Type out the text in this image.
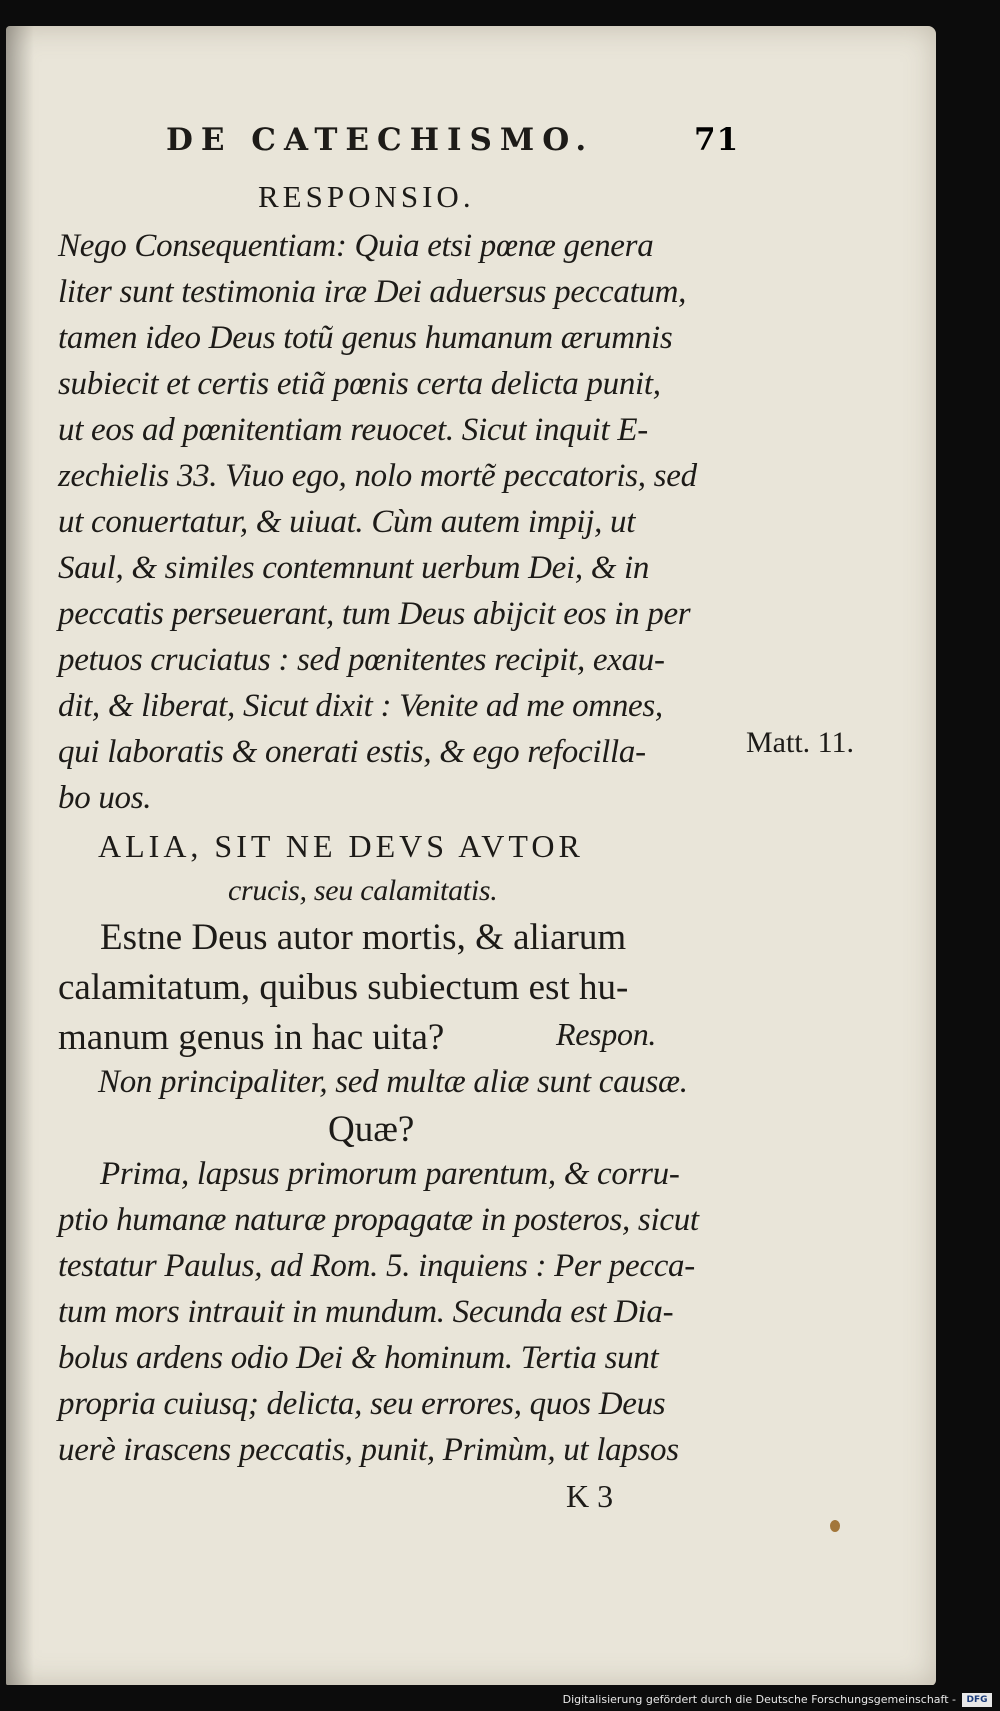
DE CATECHISMO.	71
RESPONSIO.
Nego Consequentiam: Quia etsi pœnæ genera
liter sunt testimonia iræ Dei aduersus peccatum,
tamen ideo Deus totũ genus humanum ærumnis
subiecit et certis etiã pœnis certa delicta punit,
ut eos ad pœnitentiam reuocet. Sicut inquit E-
zechielis 33. Viuo ego, nolo mortẽ peccatoris, sed
ut conuertatur, & uiuat. Cùm autem impij, ut
Saul, & similes contemnunt uerbum Dei, & in
peccatis perseuerant, tum Deus abijcit eos in per
petuos cruciatus : sed pœnitentes recipit, exau-
dit, & liberat, Sicut dixit : Venite ad me omnes,
qui laboratis & onerati estis, & ego refocilla-
bo uos.
Matt. 11.
ALIA, SIT NE DEVS AVTOR
crucis, seu calamitatis.
Estne Deus autor mortis, & aliarum
calamitatum, quibus subiectum est hu-
manum genus in hac uita?	Respon.
Non principaliter, sed multæ aliæ sunt causæ.
Quæ?
Prima, lapsus primorum parentum, & corru-
ptio humanæ naturæ propagatæ in posteros, sicut
testatur Paulus, ad Rom. 5. inquiens : Per pecca-
tum mors intrauit in mundum. Secunda est Dia-
bolus ardens odio Dei & hominum. Tertia sunt
propria cuiusq; delicta, seu errores, quos Deus
uerè irascens peccatis, punit, Primùm, ut lapsos
K 3
Digitalisierung gefördert durch die Deutsche Forschungsgemeinschaft -	DFG
